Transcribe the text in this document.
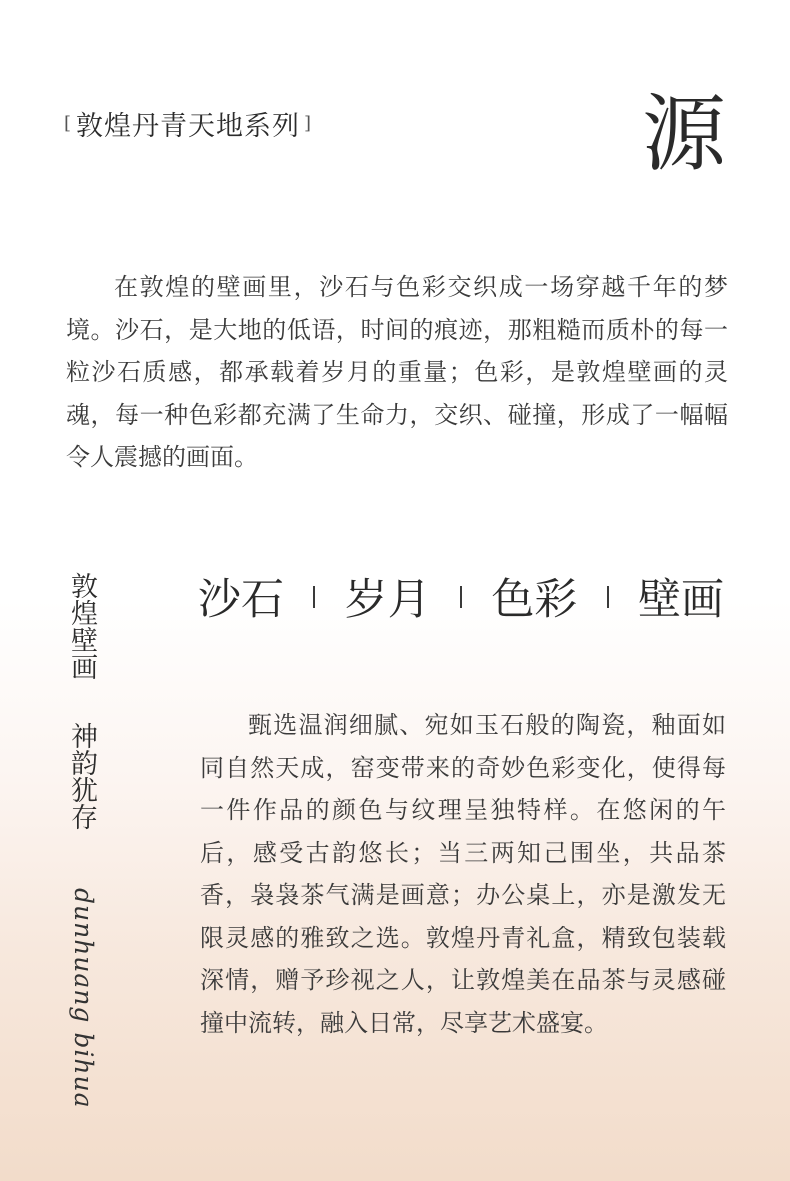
[ 敦煌丹青天地系列 ]	源

在敦煌的壁画里，沙石与色彩交织成一场穿越千年的梦境。沙石，是大地的低语，时间的痕迹，那粗糙而质朴的每一粒沙石质感，都承载着岁月的重量；色彩，是敦煌壁画的灵魂，每一种色彩都充满了生命力，交织、碰撞，形成了一幅幅令人震撼的画面。

敦煌壁画
神韵犹存
dunhuang bihua
沙石 岁月 色彩 壁画

甄选温润细腻、宛如玉石般的陶瓷，釉面如同自然天成，窑变带来的奇妙色彩变化，使得每一件作品的颜色与纹理呈独特样。在悠闲的午后，感受古韵悠长；当三两知己围坐，共品茶香，袅袅茶气满是画意；办公桌上，亦是激发无限灵感的雅致之选。敦煌丹青礼盒，精致包装载深情，赠予珍视之人，让敦煌美在品茶与灵感碰撞中流转，融入日常，尽享艺术盛宴。
